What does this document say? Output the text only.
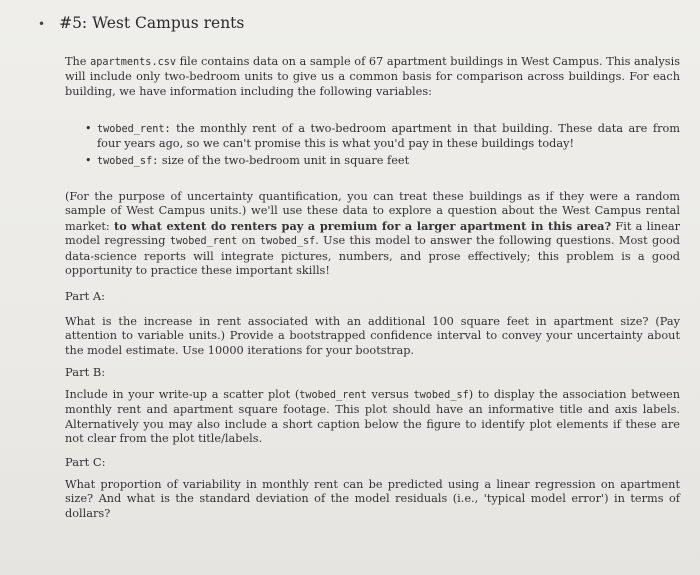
• #5: West Campus rents
The apartments.csv file contains data on a sample of 67 apartment buildings in West Campus. This analysis will include only two-bedroom units to give us a common basis for comparison across buildings. For each building, we have information including the following variables:
• twobed_rent: the monthly rent of a two-bedroom apartment in that building. These data are from four years ago, so we can't promise this is what you'd pay in these buildings today!
• twobed_sf: size of the two-bedroom unit in square feet
(For the purpose of uncertainty quantification, you can treat these buildings as if they were a random sample of West Campus units.) we'll use these data to explore a question about the West Campus rental market: to what extent do renters pay a premium for a larger apartment in this area? Fit a linear model regressing twobed_rent on twobed_sf. Use this model to answer the following questions. Most good data-science reports will integrate pictures, numbers, and prose effectively; this problem is a good opportunity to practice these important skills!
Part A:
What is the increase in rent associated with an additional 100 square feet in apartment size? (Pay attention to variable units.) Provide a bootstrapped confidence interval to convey your uncertainty about the model estimate. Use 10000 iterations for your bootstrap.
Part B:
Include in your write-up a scatter plot (twobed_rent versus twobed_sf) to display the association between monthly rent and apartment square footage. This plot should have an informative title and axis labels. Alternatively you may also include a short caption below the figure to identify plot elements if these are not clear from the plot title/labels.
Part C:
What proportion of variability in monthly rent can be predicted using a linear regression on apartment size? And what is the standard deviation of the model residuals (i.e., 'typical model error') in terms of dollars?
